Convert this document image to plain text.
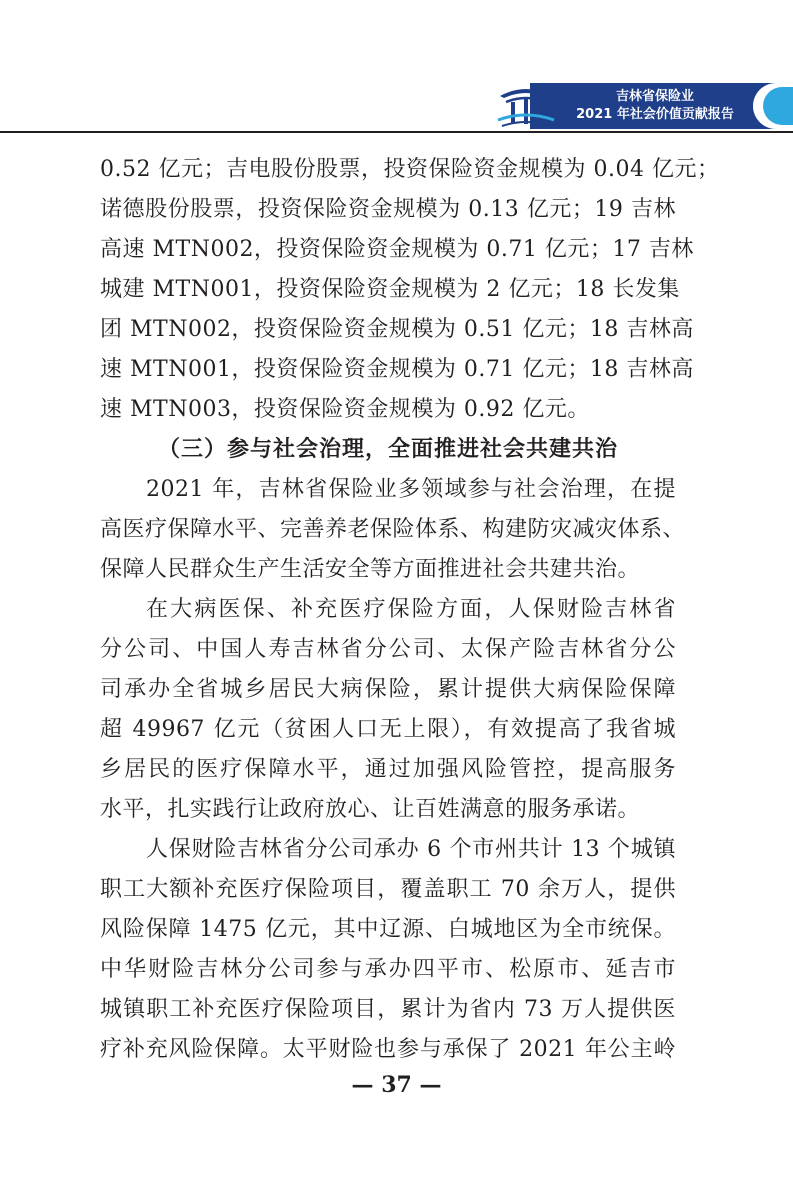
吉林省保险业
2021 年社会价值贡献报告
0.52 亿元；吉电股份股票，投资保险资金规模为 0.04 亿元；
诺德股份股票，投资保险资金规模为 0.13 亿元；19 吉林
高速 MTN002，投资保险资金规模为 0.71 亿元；17 吉林
城建 MTN001，投资保险资金规模为 2 亿元；18 长发集
团 MTN002，投资保险资金规模为 0.51 亿元；18 吉林高
速 MTN001，投资保险资金规模为 0.71 亿元；18 吉林高
速 MTN003，投资保险资金规模为 0.92 亿元。
（三）参与社会治理，全面推进社会共建共治
2021 年，吉林省保险业多领域参与社会治理，在提
高医疗保障水平、完善养老保险体系、构建防灾减灾体系、
保障人民群众生产生活安全等方面推进社会共建共治。
在大病医保、补充医疗保险方面，人保财险吉林省
分公司、中国人寿吉林省分公司、太保产险吉林省分公
司承办全省城乡居民大病保险，累计提供大病保险保障
超 49967 亿元（贫困人口无上限），有效提高了我省城
乡居民的医疗保障水平，通过加强风险管控，提高服务
水平，扎实践行让政府放心、让百姓满意的服务承诺。
人保财险吉林省分公司承办 6 个市州共计 13 个城镇
职工大额补充医疗保险项目，覆盖职工 70 余万人，提供
风险保障 1475 亿元，其中辽源、白城地区为全市统保。
中华财险吉林分公司参与承办四平市、松原市、延吉市
城镇职工补充医疗保险项目，累计为省内 73 万人提供医
疗补充风险保障。太平财险也参与承保了 2021 年公主岭
— 37 —
